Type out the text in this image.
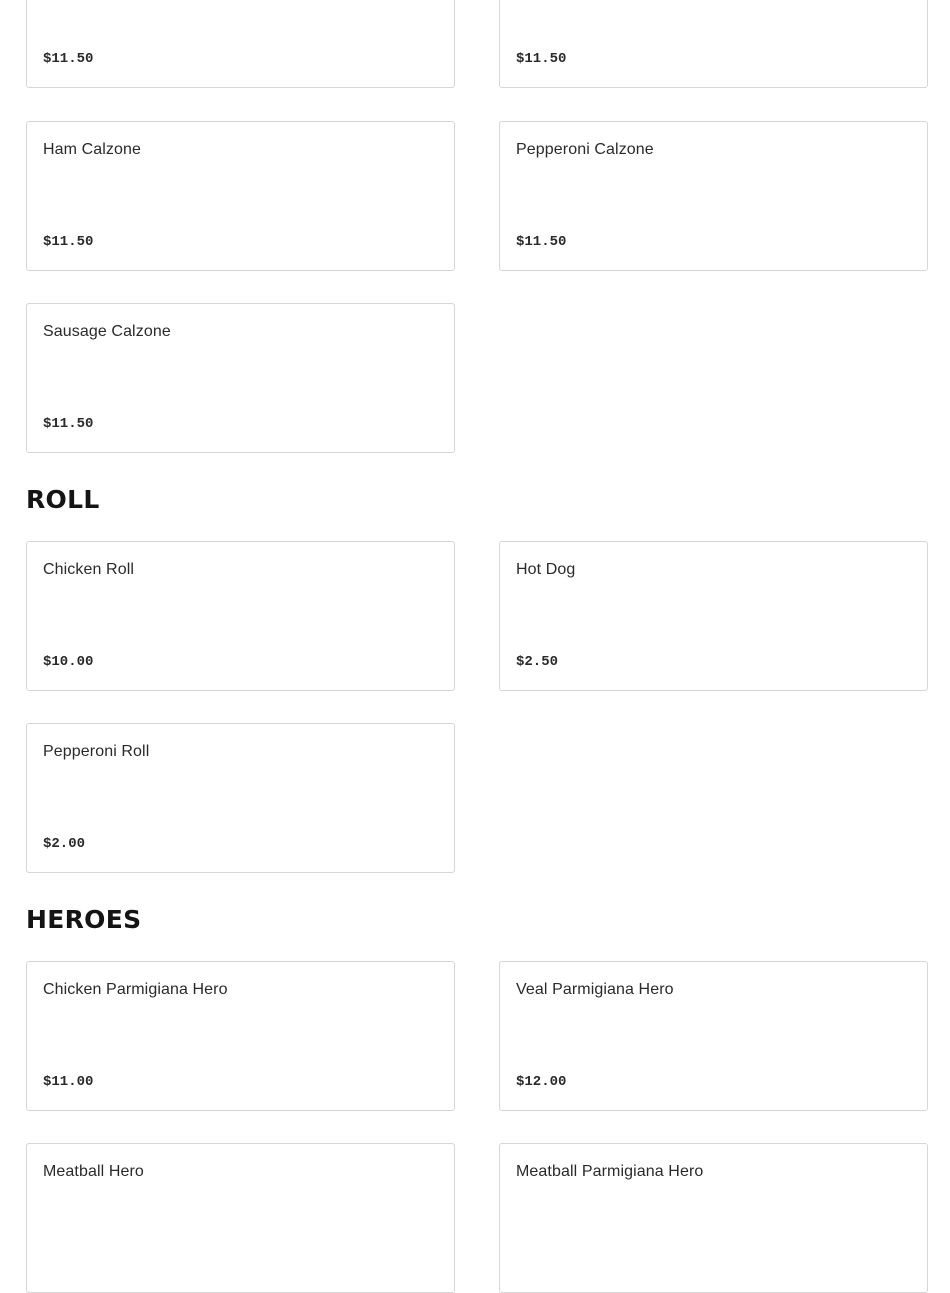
$11.50	$11.50
Ham Calzone
$11.50
Pepperoni Calzone
$11.50
Sausage Calzone
$11.50
ROLL
Chicken Roll
$10.00
Hot Dog
$2.50
Pepperoni Roll
$2.00
HEROES
Chicken Parmigiana Hero
$11.00
Veal Parmigiana Hero
$12.00
Meatball Hero	Meatball Parmigiana Hero
